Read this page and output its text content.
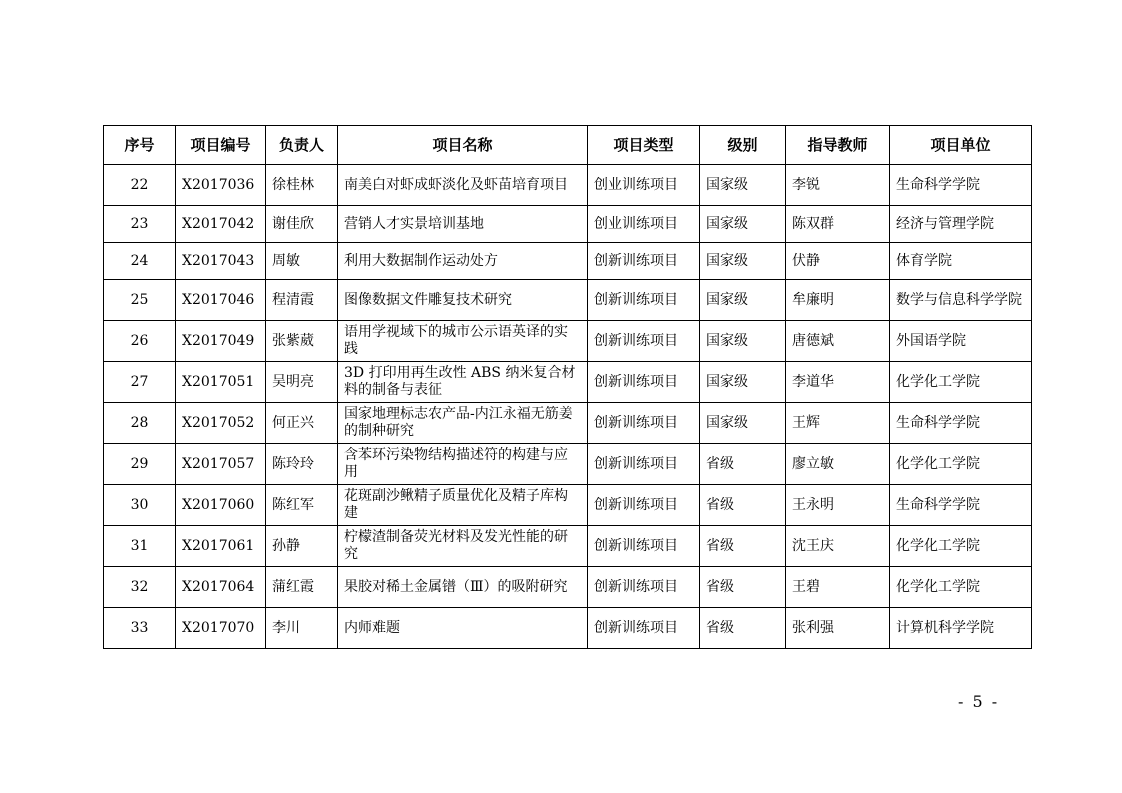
序号	项目编号	负责人	项目名称	项目类型	级别	指导教师	项目单位
22	X2017036	徐桂林	南美白对虾成虾淡化及虾苗培育项目	创业训练项目	国家级	李锐	生命科学学院
23	X2017042	谢佳欣	营销人才实景培训基地	创业训练项目	国家级	陈双群	经济与管理学院
24	X2017043	周敏	利用大数据制作运动处方	创新训练项目	国家级	伏静	体育学院
25	X2017046	程清霞	图像数据文件雕复技术研究	创新训练项目	国家级	牟廉明	数学与信息科学学院
26	X2017049	张紫葳	语用学视域下的城市公示语英译的实践	创新训练项目	国家级	唐德斌	外国语学院
27	X2017051	吴明亮	3D 打印用再生改性 ABS 纳米复合材料的制备与表征	创新训练项目	国家级	李道华	化学化工学院
28	X2017052	何正兴	国家地理标志农产品-内江永福无筋姜的制种研究	创新训练项目	国家级	王辉	生命科学学院
29	X2017057	陈玲玲	含苯环污染物结构描述符的构建与应用	创新训练项目	省级	廖立敏	化学化工学院
30	X2017060	陈红军	花斑副沙鳅精子质量优化及精子库构建	创新训练项目	省级	王永明	生命科学学院
31	X2017061	孙静	柠檬渣制备荧光材料及发光性能的研究	创新训练项目	省级	沈王庆	化学化工学院
32	X2017064	蒲红霞	果胶对稀土金属镨（Ⅲ）的吸附研究	创新训练项目	省级	王碧	化学化工学院
33	X2017070	李川	内师难题	创新训练项目	省级	张利强	计算机科学学院
- 5 -
